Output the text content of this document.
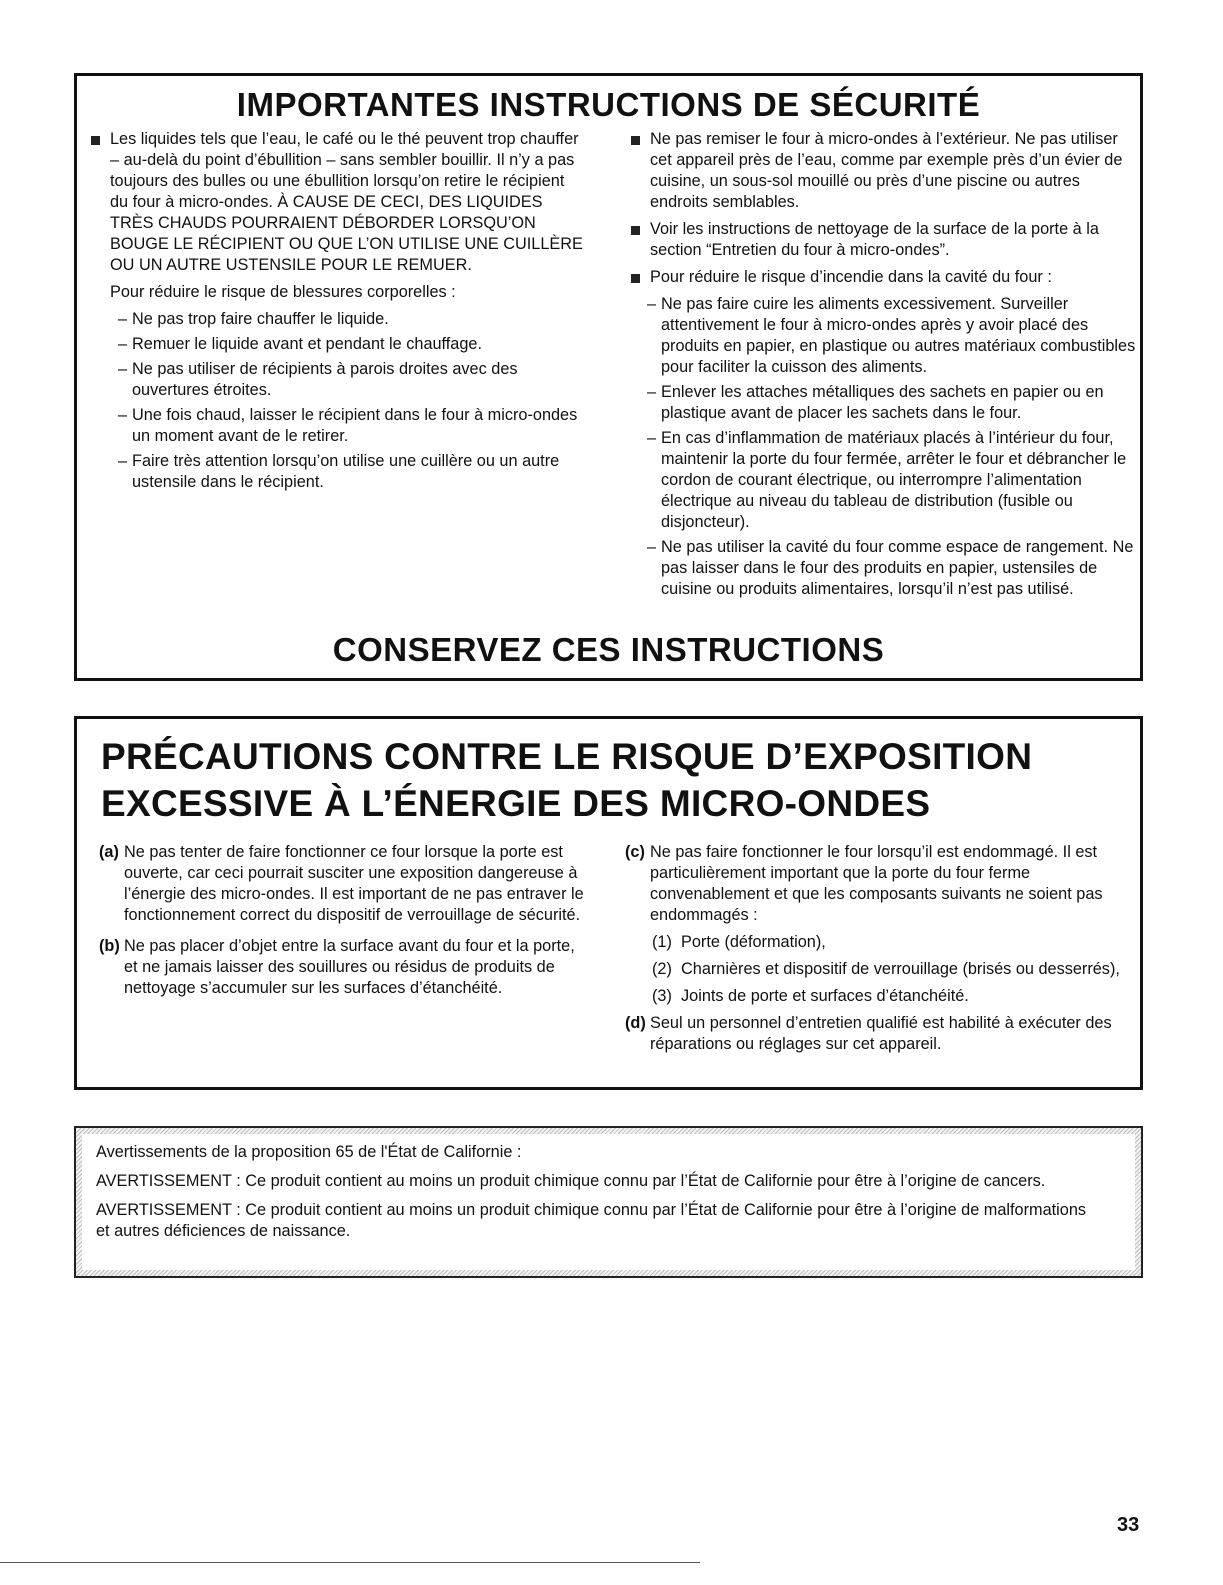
IMPORTANTES INSTRUCTIONS DE SÉCURITÉ
Les liquides tels que l’eau, le café ou le thé peuvent trop chauffer – au-delà du point d’ébullition – sans sembler bouillir. Il n’y a pas toujours des bulles ou une ébullition lorsqu’on retire le récipient du four à micro-ondes. À CAUSE DE CECI, DES LIQUIDES TRÈS CHAUDS POURRAIENT DÉBORDER LORSQU’ON BOUGE LE RÉCIPIENT OU QUE L’ON UTILISE UNE CUILLÈRE OU UN AUTRE USTENSILE POUR LE REMUER.
Pour réduire le risque de blessures corporelles :
– Ne pas trop faire chauffer le liquide.
– Remuer le liquide avant et pendant le chauffage.
– Ne pas utiliser de récipients à parois droites avec des ouvertures étroites.
– Une fois chaud, laisser le récipient dans le four à micro-ondes un moment avant de le retirer.
– Faire très attention lorsqu’on utilise une cuillère ou un autre ustensile dans le récipient.
Ne pas remiser le four à micro-ondes à l’extérieur. Ne pas utiliser cet appareil près de l’eau, comme par exemple près d’un évier de cuisine, un sous-sol mouillé ou près d’une piscine ou autres endroits semblables.
Voir les instructions de nettoyage de la surface de la porte à la section “Entretien du four à micro-ondes”.
Pour réduire le risque d’incendie dans la cavité du four :
– Ne pas faire cuire les aliments excessivement. Surveiller attentivement le four à micro-ondes après y avoir placé des produits en papier, en plastique ou autres matériaux combustibles pour faciliter la cuisson des aliments.
– Enlever les attaches métalliques des sachets en papier ou en plastique avant de placer les sachets dans le four.
– En cas d’inflammation de matériaux placés à l’intérieur du four, maintenir la porte du four fermée, arrêter le four et débrancher le cordon de courant électrique, ou interrompre l’alimentation électrique au niveau du tableau de distribution (fusible ou disjoncteur).
– Ne pas utiliser la cavité du four comme espace de rangement. Ne pas laisser dans le four des produits en papier, ustensiles de cuisine ou produits alimentaires, lorsqu’il n’est pas utilisé.
CONSERVEZ CES INSTRUCTIONS
PRÉCAUTIONS CONTRE LE RISQUE D’EXPOSITION
EXCESSIVE À L’ÉNERGIE DES MICRO-ONDES
(a) Ne pas tenter de faire fonctionner ce four lorsque la porte est ouverte, car ceci pourrait susciter une exposition dangereuse à l’énergie des micro-ondes. Il est important de ne pas entraver le fonctionnement correct du dispositif de verrouillage de sécurité.
(b) Ne pas placer d’objet entre la surface avant du four et la porte, et ne jamais laisser des souillures ou résidus de produits de nettoyage s’accumuler sur les surfaces d’étanchéité.
(c) Ne pas faire fonctionner le four lorsqu’il est endommagé. Il est particulièrement important que la porte du four ferme convenablement et que les composants suivants ne soient pas endommagés :
(1) Porte (déformation),
(2) Charnières et dispositif de verrouillage (brisés ou desserrés),
(3) Joints de porte et surfaces d’étanchéité.
(d) Seul un personnel d’entretien qualifié est habilité à exécuter des réparations ou réglages sur cet appareil.

Avertissements de la proposition 65 de l'État de Californie :

AVERTISSEMENT : Ce produit contient au moins un produit chimique connu par l’État de Californie pour être à l’origine de cancers.

AVERTISSEMENT : Ce produit contient au moins un produit chimique connu par l’État de Californie pour être à l’origine de malformations et autres déficiences de naissance.

33
